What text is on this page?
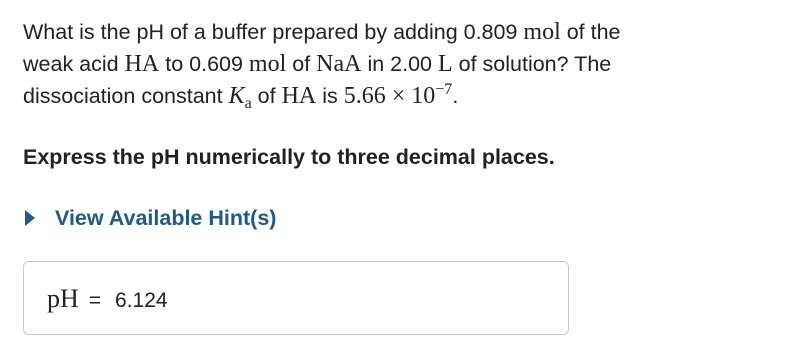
What is the pH of a buffer prepared by adding 0.809 mol of the
weak acid HA to 0.609 mol of NaA in 2.00 L of solution? The
dissociation constant $K_a$ of HA is $5.66 \times 10^{-7}$.
Express the pH numerically to three decimal places.
View Available Hint(s)
pH = 6.124
